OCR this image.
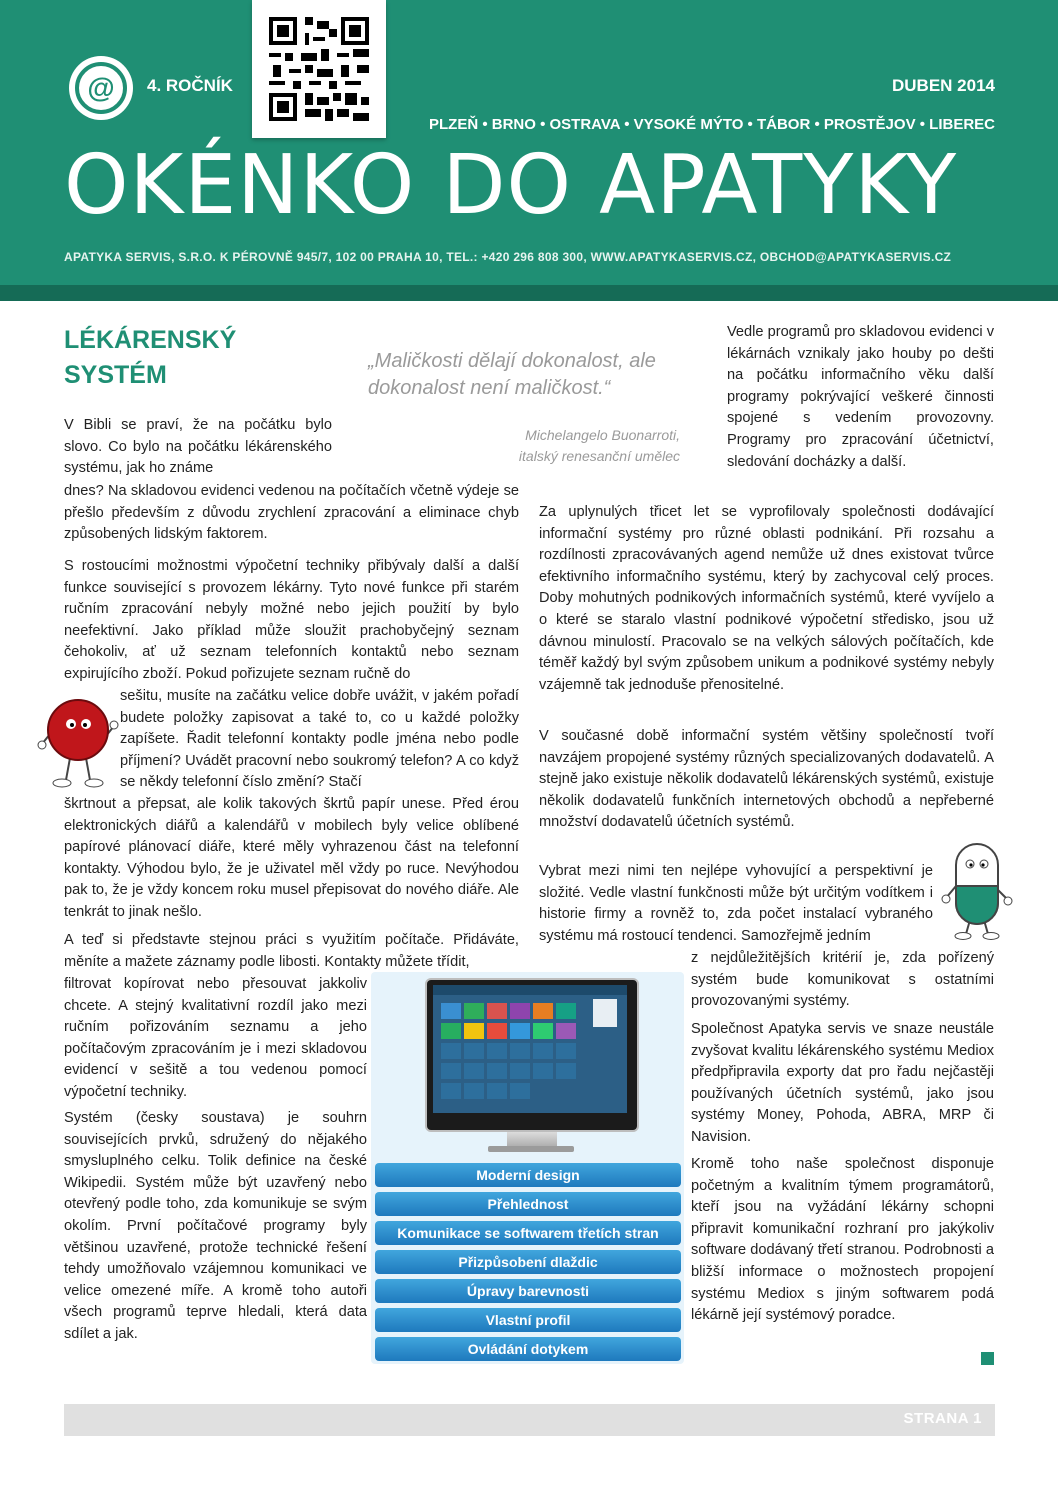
@	4. ROČNÍK	DUBEN 2014
PLZEŇ • BRNO • OSTRAVA • VYSOKÉ MÝTO • TÁBOR • PROSTĚJOV • LIBEREC
OKÉNKO DO APATYKY
APATYKA SERVIS, S.R.O. K PÉROVNĚ 945/7, 102 00 PRAHA 10, TEL.: +420 296 808 300, WWW.APATYKASERVIS.CZ, OBCHOD@APATYKASERVIS.CZ
LÉKÁRENSKÝ
SYSTÉM	„Maličkosti dělají dokonalost, ale dokonalost není maličkost.“
Michelangelo Buonarroti,
italský renesanční umělec
V Bibli se praví, že na počátku bylo slovo. Co bylo na počátku lékárenského systému, jak ho známe
dnes? Na skladovou evidenci vedenou na počítačích včetně výdeje se přešlo především z důvodu zrychlení zpracování a eliminace chyb způsobených lidským faktorem.
S rostoucími možnostmi výpočetní techniky přibývaly další a další funkce související s provozem lékárny. Tyto nové funkce při starém ručním zpracování nebyly možné nebo jejich použití by bylo neefektivní. Jako příklad může sloužit prachobyčejný seznam čehokoliv, ať už seznam telefonních kontaktů nebo seznam expirujícího zboží. Pokud pořizujete seznam ručně do
sešitu, musíte na začátku velice dobře uvážit, v jakém pořadí budete položky zapisovat a také to, co u každé položky zapíšete. Řadit telefonní kontakty podle jména nebo podle příjmení? Uvádět pracovní nebo soukromý telefon? A co když se někdy telefonní číslo změní? Stačí
škrtnout a přepsat, ale kolik takových škrtů papír unese. Před érou elektronických diářů a kalendářů v mobilech byly velice oblíbené papírové plánovací diáře, které měly vyhrazenou část na telefonní kontakty. Výhodou bylo, že je uživatel měl vždy po ruce. Nevýhodou pak to, že je vždy koncem roku musel přepisovat do nového diáře. Ale tenkrát to jinak nešlo.
A teď si představte stejnou práci s využitím počítače. Přidáváte, měníte a mažete záznamy podle libosti. Kontakty můžete třídit,
filtrovat kopírovat nebo přesouvat jakkoliv chcete. A stejný kvalitativní rozdíl jako mezi ručním pořizováním seznamu a jeho počítačovým zpracováním je i mezi skladovou evidencí v sešitě a tou vedenou pomocí výpočetní techniky.
Systém (česky soustava) je souhrn souvisejících prvků, sdružený do nějakého smysluplného celku. Tolik definice na české Wikipedii. Systém může být uzavřený nebo otevřený podle toho, zda komunikuje se svým okolím. První počítačové programy byly většinou uzavřené, protože technické řešení tehdy umožňovalo vzájemnou komunikaci ve velice omezené míře. A kromě toho autoři všech programů teprve hledali, která data sdílet a jak.
Moderní design
Přehlednost
Komunikace se softwarem třetích stran
Přizpůsobení dlaždic
Úpravy barevnosti
Vlastní profil
Ovládání dotykem
Vedle programů pro skladovou evidenci v lékárnách vznikaly jako houby po dešti na počátku informačního věku další programy pokrývající veškeré činnosti spojené s vedením provozovny. Programy pro zpracování účetnictví, sledování docházky a další.
Za uplynulých třicet let se vyprofilovaly společnosti dodávající informační systémy pro různé oblasti podnikání. Při rozsahu a rozdílnosti zpracovávaných agend nemůže už dnes existovat tvůrce efektivního informačního systému, který by zachycoval celý proces. Doby mohutných podnikových informačních systémů, které vyvíjelo a o které se staralo vlastní podnikové výpočetní středisko, jsou už dávnou minulostí. Pracovalo se na velkých sálových počítačích, kde téměř každý byl svým způsobem unikum a podnikové systémy nebyly vzájemně tak jednoduše přenositelné.
V současné době informační systém většiny společností tvoří navzájem propojené systémy různých specializovaných dodavatelů. A stejně jako existuje několik dodavatelů lékárenských systémů, existuje několik dodavatelů funkčních internetových obchodů a nepřeberné množství dodavatelů účetních systémů.
Vybrat mezi nimi ten nejlépe vyhovující a perspektivní je složité. Vedle vlastní funkčnosti může být určitým vodítkem i historie firmy a rovněž to, zda počet instalací vybraného systému má rostoucí tendenci. Samozřejmě jedním
z nejdůležitějších kritérií je, zda pořízený systém bude komunikovat s ostatními provozovanými systémy.
Společnost Apatyka servis ve snaze neustále zvyšovat kvalitu lékárenského systému Mediox předpřipravila exporty dat pro řadu nejčastěji používaných účetních systémů, jako jsou systémy Money, Pohoda, ABRA, MRP či Navision.
Kromě toho naše společnost disponuje početným a kvalitním týmem programátorů, kteří jsou na vyžádání lékárny schopni připravit komunikační rozhraní pro jakýkoliv software dodávaný třetí stranou. Podrobnosti a bližší informace o možnostech propojení systému Mediox s jiným softwarem podá lékárně její systémový poradce.
STRANA 1
